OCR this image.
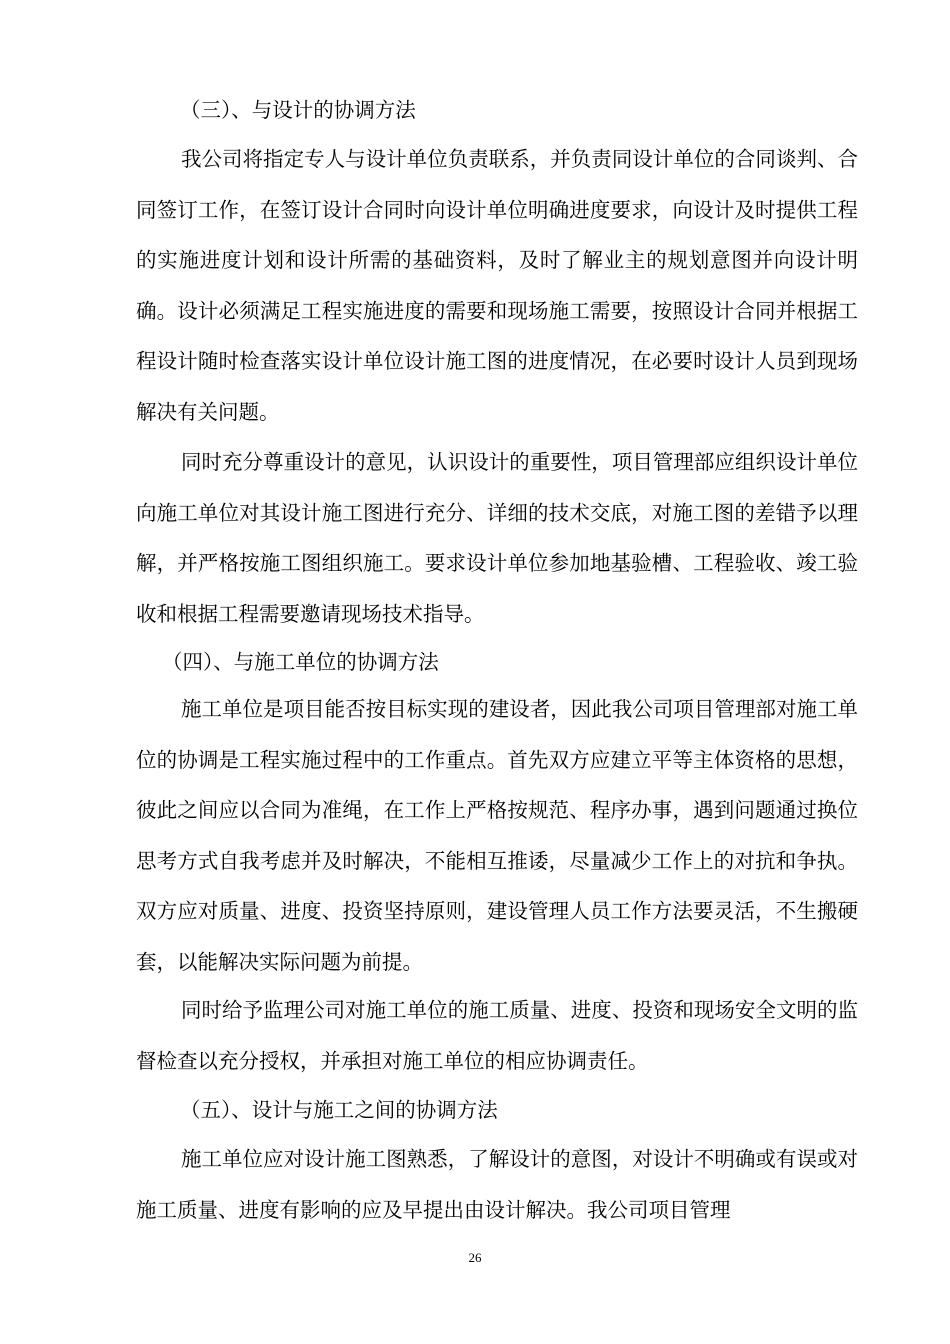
（三）、与设计的协调方法
我公司将指定专人与设计单位负责联系，并负责同设计单位的合同谈判、合同签订工作，在签订设计合同时向设计单位明确进度要求，向设计及时提供工程的实施进度计划和设计所需的基础资料，及时了解业主的规划意图并向设计明确。设计必须满足工程实施进度的需要和现场施工需要，按照设计合同并根据工程设计随时检查落实设计单位设计施工图的进度情况，在必要时设计人员到现场解决有关问题。
同时充分尊重设计的意见，认识设计的重要性，项目管理部应组织设计单位向施工单位对其设计施工图进行充分、详细的技术交底，对施工图的差错予以理解，并严格按施工图组织施工。要求设计单位参加地基验槽、工程验收、竣工验收和根据工程需要邀请现场技术指导。
（四）、与施工单位的协调方法
施工单位是项目能否按目标实现的建设者，因此我公司项目管理部对施工单位的协调是工程实施过程中的工作重点。首先双方应建立平等主体资格的思想，彼此之间应以合同为准绳，在工作上严格按规范、程序办事，遇到问题通过换位思考方式自我考虑并及时解决，不能相互推诿，尽量减少工作上的对抗和争执。双方应对质量、进度、投资坚持原则，建设管理人员工作方法要灵活，不生搬硬套，以能解决实际问题为前提。
同时给予监理公司对施工单位的施工质量、进度、投资和现场安全文明的监督检查以充分授权，并承担对施工单位的相应协调责任。
（五）、设计与施工之间的协调方法
施工单位应对设计施工图熟悉，了解设计的意图，对设计不明确或有误或对施工质量、进度有影响的应及早提出由设计解决。我公司项目管理
26
